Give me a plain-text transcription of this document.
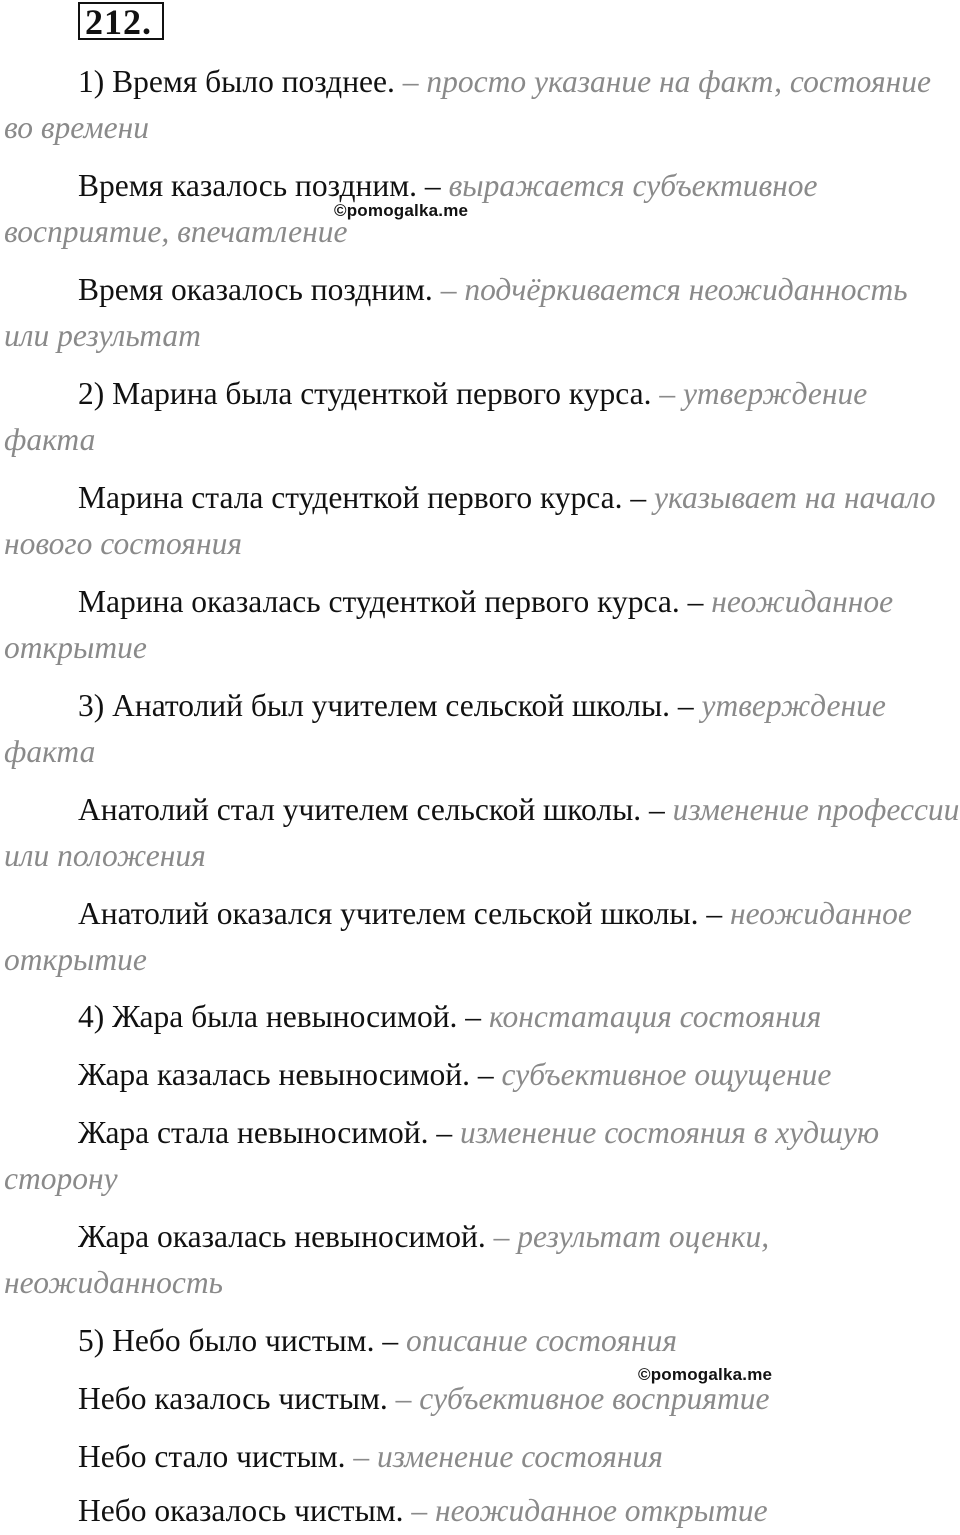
212.

1) Время было позднее. – просто указание на факт, состояние во времени

Время казалось поздним. – выражается субъективное восприятие, впечатление

Время оказалось поздним. – подчёркивается неожиданность или результат

2) Марина была студенткой первого курса. – утверждение факта

Марина стала студенткой первого курса. – указывает на начало нового состояния

Марина оказалась студенткой первого курса. – неожиданное открытие

3) Анатолий был учителем сельской школы. – утверждение факта

Анатолий стал учителем сельской школы. – изменение профессии или положения

Анатолий оказался учителем сельской школы. – неожиданное открытие

4) Жара была невыносимой. – констатация состояния

Жара казалась невыносимой. – субъективное ощущение

Жара стала невыносимой. – изменение состояния в худшую сторону

Жара оказалась невыносимой. – результат оценки, неожиданность

5) Небо было чистым. – описание состояния

Небо казалось чистым. – субъективное восприятие

Небо стало чистым. – изменение состояния

Небо оказалось чистым. – неожиданное открытие

©pomogalka.me
©pomogalka.me
